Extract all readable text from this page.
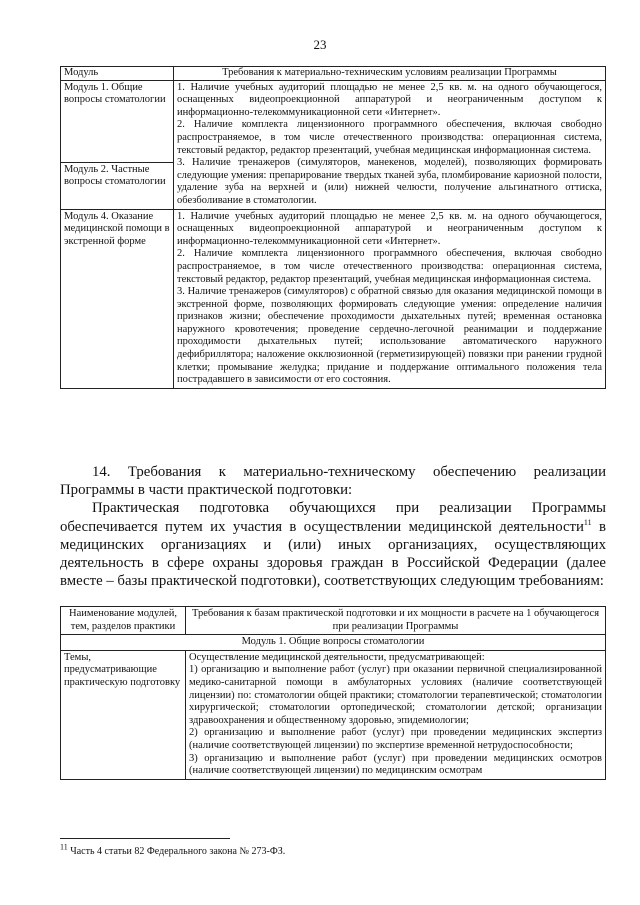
23
Модуль	Требования к материально-техническим условиям реализации Программы
Модуль 1. Общие вопросы стоматологии	1. Наличие учебных аудиторий площадью не менее 2,5 кв. м. на одного обучающегося, оснащенных видеопроекционной аппаратурой и неограниченным доступом к информационно-телекоммуникационной сети «Интернет».
2. Наличие комплекта лицензионного программного обеспечения, включая свободно распространяемое, в том числе отечественного производства: операционная система, текстовый редактор, редактор презентаций, учебная медицинская информационная система.
3. Наличие тренажеров (симуляторов, манекенов, моделей), позволяющих формировать следующие умения: препарирование твердых тканей зуба, пломбирование кариозной полости, удаление зуба на верхней и (или) нижней челюсти, получение альгинатного оттиска, обезболивание в стоматологии.

Модуль 2. Частные вопросы стоматологии	
Модуль 4. Оказание медицинской помощи в экстренной форме	1. Наличие учебных аудиторий площадью не менее 2,5 кв. м. на одного обучающегося, оснащенных видеопроекционной аппаратурой и неограниченным доступом к информационно-телекоммуникационной сети «Интернет».
2. Наличие комплекта лицензионного программного обеспечения, включая свободно распространяемое, в том числе отечественного производства: операционная система, текстовый редактор, редактор презентаций, учебная медицинская информационная система.
3. Наличие тренажеров (симуляторов) с обратной связью для оказания медицинской помощи в экстренной форме, позволяющих формировать следующие умения: определение наличия признаков жизни; обеспечение проходимости дыхательных путей; временная остановка наружного кровотечения; проведение сердечно-легочной реанимации и поддержание проходимости дыхательных путей; использование автоматического наружного дефибриллятора; наложение окклюзионной (герметизирующей) повязки при ранении грудной клетки; промывание желудка; придание и поддержание оптимального положения тела пострадавшего в зависимости от его состояния.

14. Требования к материально-техническому обеспечению реализации Программы в части практической подготовки:

Практическая подготовка обучающихся при реализации Программы обеспечивается путем их участия в осуществлении медицинской деятельности$^{11}$ в медицинских организациях и (или) иных организациях, осуществляющих деятельность в сфере охраны здоровья граждан в Российской Федерации (далее вместе – базы практической подготовки), соответствующих следующим требованиям:

Наименование модулей, тем, разделов практики	Требования к базам практической подготовки и их мощности в расчете на 1 обучающегося при реализации Программы
Модуль 1. Общие вопросы стоматологии	
Темы, предусматривающие практическую подготовку	Осуществление медицинской деятельности, предусматривающей:
1) организацию и выполнение работ (услуг) при оказании первичной специализированной медико-санитарной помощи в амбулаторных условиях (наличие соответствующей лицензии) по: стоматологии общей практики; стоматологии терапевтической; стоматологии хирургической; стоматологии ортопедической; стоматологии детской; организации здравоохранения и общественному здоровью, эпидемиологии;
2) организацию и выполнение работ (услуг) при проведении медицинских экспертиз (наличие соответствующей лицензии) по экспертизе временной нетрудоспособности;
3) организацию и выполнение работ (услуг) при проведении медицинских осмотров (наличие соответствующей лицензии) по медицинским осмотрам
$^{11}$ Часть 4 статьи 82 Федерального закона № 273-ФЗ.
